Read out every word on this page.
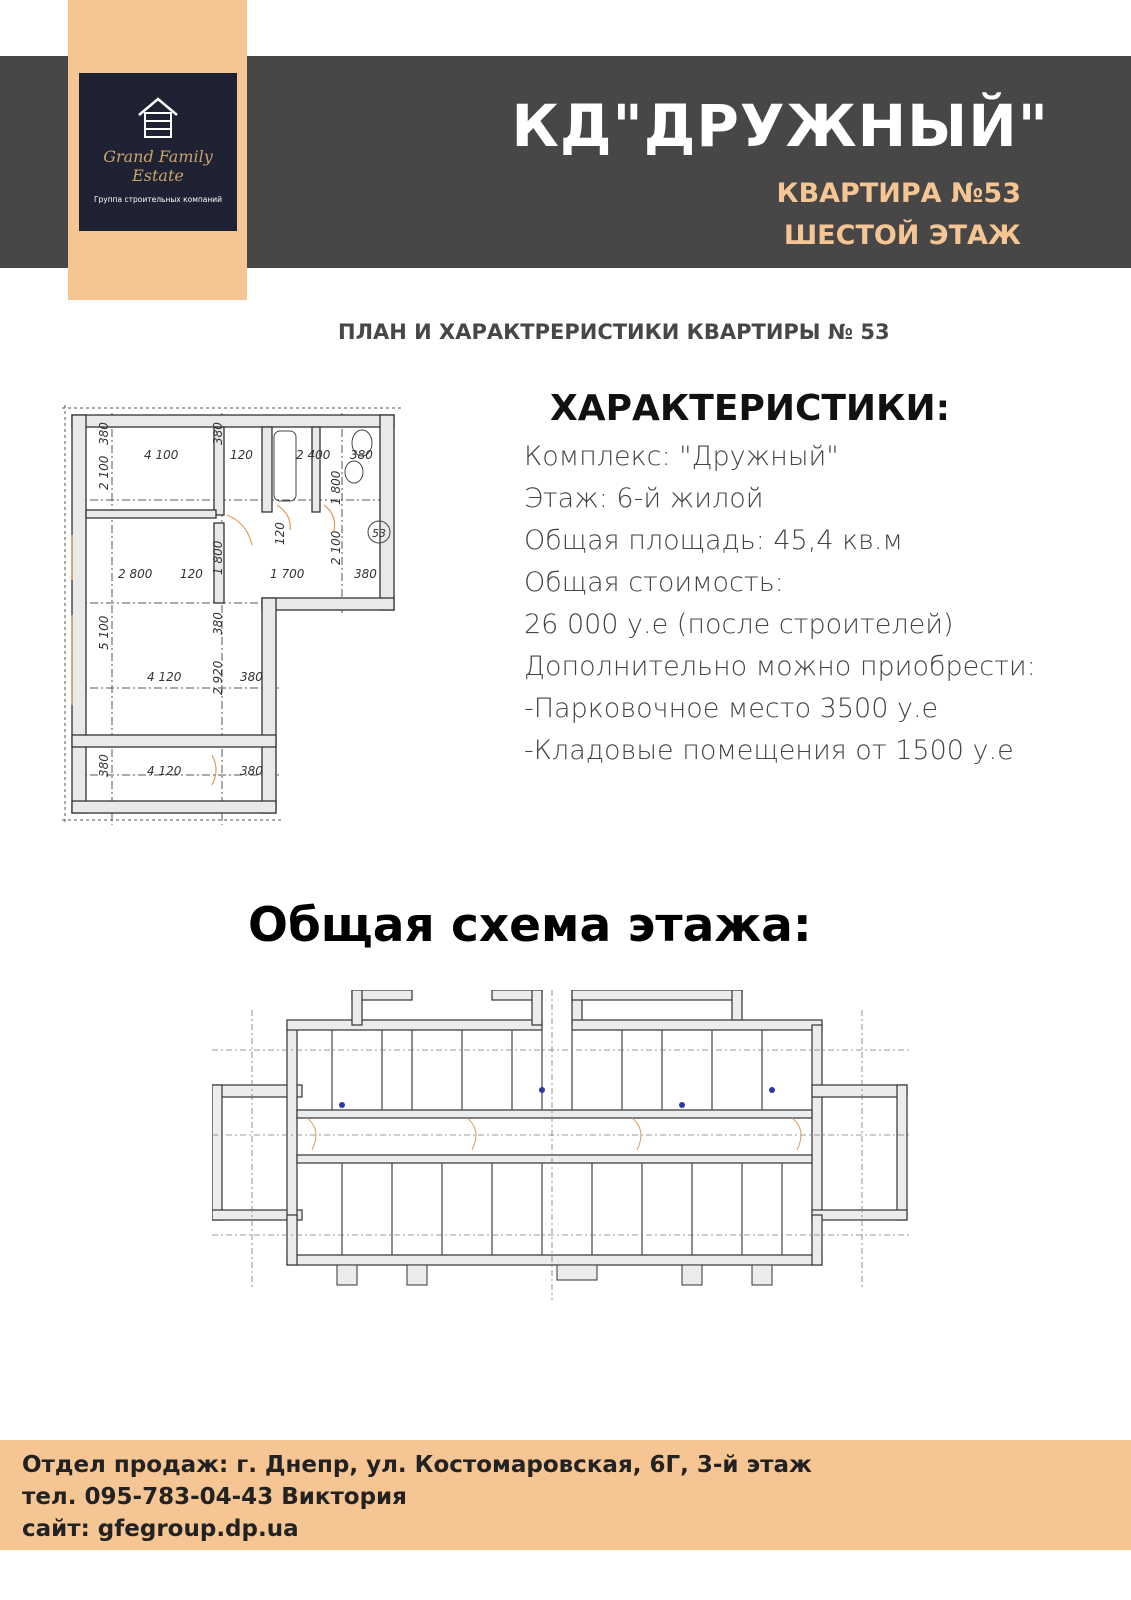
Grand Family Estate
Группа строительных компаний
КД"ДРУЖНЫЙ"
КВАРТИРА №53
ШЕСТОЙ ЭТАЖ
ПЛАН И ХАРАКТРЕРИСТИКИ КВАРТИРЫ № 53
4 100	120	2 400 380
2 800 120	1 700	380
4 120	380
4 120	380
53
380
2 100
380
1 800
1 800	2 100
5 100	380
2 920
380
120
ХАРАКТЕРИСТИКИ:
Комплекс: "Дружный"
Этаж: 6-й жилой
Общая площадь: 45,4 кв.м
Общая стоимость:
26 000 у.е (после строителей)
Дополнительно можно приобрести:
-Парковочное место 3500 у.е
-Кладовые помещения от 1500 у.е
Общая схема этажа:

Отдел продаж: г. Днепр, ул. Костомаровская, 6Г, 3-й этаж

тел. 095-783-04-43 Виктория

сайт: gfegroup.dp.ua
